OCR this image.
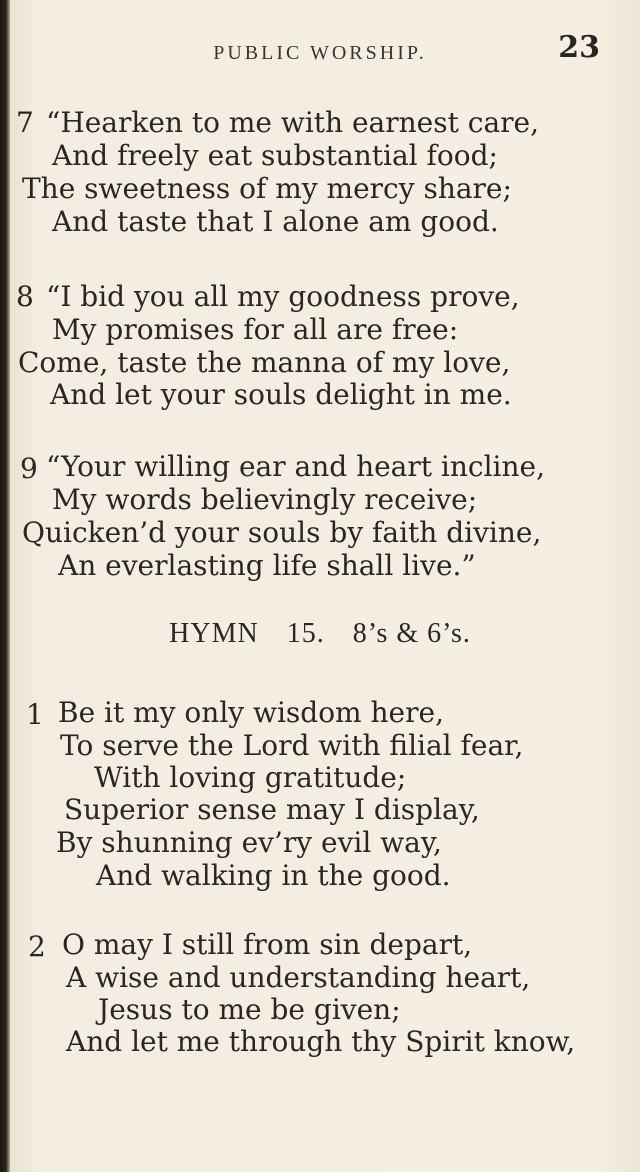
PUBLIC WORSHIP.	23
7 “Hearken to me with earnest care,
And freely eat substantial food;
The sweetness of my mercy share;
And taste that I alone am good.
8 “I bid you all my goodness prove,
My promises for all are free:
Come, taste the manna of my love,
And let your souls delight in me.
9 “Your willing ear and heart incline,
My words believingly receive;
Quicken’d your souls by faith divine,
An everlasting life shall live.”
HYMN 15. 8’s & 6’s.
1 Be it my only wisdom here,
To serve the Lord with filial fear,
With loving gratitude;
Superior sense may I display,
By shunning ev’ry evil way,
And walking in the good.
2 O may I still from sin depart,
A wise and understanding heart,
Jesus to me be given;
And let me through thy Spirit know,
